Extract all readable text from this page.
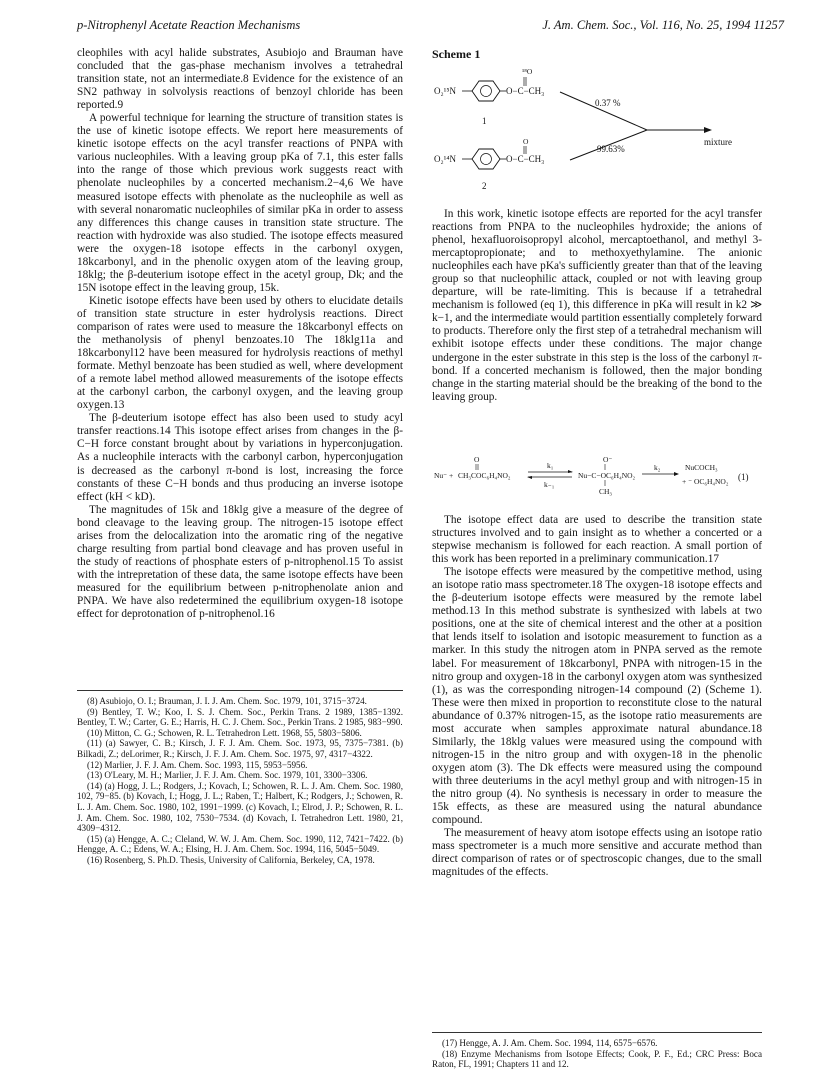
p-Nitrophenyl Acetate Reaction Mechanisms	J. Am. Chem. Soc., Vol. 116, No. 25, 1994 11257

cleophiles with acyl halide substrates, Asubiojo and Brauman have concluded that the gas-phase mechanism involves a tetrahedral transition state, not an intermediate.8 Evidence for the existence of an SN2 pathway in solvolysis reactions of benzoyl chloride has been reported.9

A powerful technique for learning the structure of transition states is the use of kinetic isotope effects. We report here measurements of kinetic isotope effects on the acyl transfer reactions of PNPA with various nucleophiles. With a leaving group pKa of 7.1, this ester falls into the range of those which previous work suggests react with phenolate nucleophiles by a concerted mechanism.2−4,6 We have measured isotope effects with phenolate as the nucleophile as well as with several nonaromatic nucleophiles of similar pKa in order to assess any differences this change causes in transition state structure. The reaction with hydroxide was also studied. The isotope effects measured were the oxygen-18 isotope effects in the carbonyl oxygen, 18kcarbonyl, and in the phenolic oxygen atom of the leaving group, 18klg; the β-deuterium isotope effect in the acetyl group, Dk; and the 15N isotope effect in the leaving group, 15k.

Kinetic isotope effects have been used by others to elucidate details of transition state structure in ester hydrolysis reactions. Direct comparison of rates were used to measure the 18kcarbonyl effects on the methanolysis of phenyl benzoates.10 The 18klg11a and 18kcarbonyl12 have been measured for hydrolysis reactions of methyl formate. Methyl benzoate has been studied as well, where development of a remote label method allowed measurements of the isotope effects at the carbonyl carbon, the carbonyl oxygen, and the leaving group oxygen.13

The β-deuterium isotope effect has also been used to study acyl transfer reactions.14 This isotope effect arises from changes in the β-C−H force constant brought about by variations in hyperconjugation. As a nucleophile interacts with the carbonyl carbon, hyperconjugation is decreased as the carbonyl π-bond is lost, increasing the force constants of these C−H bonds and thus producing an inverse isotope effect (kH < kD).

The magnitudes of 15k and 18klg give a measure of the degree of bond cleavage to the leaving group. The nitrogen-15 isotope effect arises from the delocalization into the aromatic ring of the negative charge resulting from partial bond cleavage and has proven useful in the study of reactions of phosphate esters of p-nitrophenol.15 To assist with the intrepretation of these data, the same isotope effects have been measured for the equilibrium between p-nitrophenolate anion and PNPA. We have also redetermined the equilibrium oxygen-18 isotope effect for deprotonation of p-nitrophenol.16

(8) Asubiojo, O. I.; Brauman, J. I. J. Am. Chem. Soc. 1979, 101, 3715−3724.

(9) Bentley, T. W.; Koo, I. S. J. Chem. Soc., Perkin Trans. 2 1989, 1385−1392. Bentley, T. W.; Carter, G. E.; Harris, H. C. J. Chem. Soc., Perkin Trans. 2 1985, 983−990.

(10) Mitton, C. G.; Schowen, R. L. Tetrahedron Lett. 1968, 55, 5803−5806.

(11) (a) Sawyer, C. B.; Kirsch, J. F. J. Am. Chem. Soc. 1973, 95, 7375−7381. (b) Bilkadi, Z.; deLorimer, R.; Kirsch, J. F. J. Am. Chem. Soc. 1975, 97, 4317−4322.

(12) Marlier, J. F. J. Am. Chem. Soc. 1993, 115, 5953−5956.

(13) O'Leary, M. H.; Marlier, J. F. J. Am. Chem. Soc. 1979, 101, 3300−3306.

(14) (a) Hogg, J. L.; Rodgers, J.; Kovach, I.; Schowen, R. L. J. Am. Chem. Soc. 1980, 102, 79−85. (b) Kovach, I.; Hogg, J. L.; Raben, T.; Halbert, K.; Rodgers, J.; Schowen, R. L. J. Am. Chem. Soc. 1980, 102, 1991−1999. (c) Kovach, I.; Elrod, J. P.; Schowen, R. L. J. Am. Chem. Soc. 1980, 102, 7530−7534. (d) Kovach, I. Tetrahedron Lett. 1980, 21, 4309−4312.

(15) (a) Hengge, A. C.; Cleland, W. W. J. Am. Chem. Soc. 1990, 112, 7421−7422. (b) Hengge, A. C.; Edens, W. A.; Elsing, H. J. Am. Chem. Soc. 1994, 116, 5045−5049.

(16) Rosenberg, S. Ph.D. Thesis, University of California, Berkeley, CA, 1978.

Scheme 1
¹⁸O
O₂¹⁵N	O−C−CH₃
1
O
O₂¹⁴N	O−C−CH₃
2
0.37 %
99.63%
mixture

In this work, kinetic isotope effects are reported for the acyl transfer reactions from PNPA to the nucleophiles hydroxide; the anions of phenol, hexafluoroisopropyl alcohol, mercaptoethanol, and methyl 3-mercaptopropionate; and to methoxyethylamine. The anionic nucleophiles each have pKa's sufficiently greater than that of the leaving group so that nucleophilic attack, coupled or not with leaving group departure, will be rate-limiting. This is because if a tetrahedral mechanism is followed (eq 1), this difference in pKa will result in k2 ≫ k−1, and the intermediate would partition essentially completely forward to products. Therefore only the first step of a tetrahedral mechanism will exhibit isotope effects under these conditions. The major change undergone in the ester substrate in this step is the loss of the carbonyl π-bond. If a concerted mechanism is followed, then the major bonding change in the starting material should be the breaking of the bond to the leaving group.

Nu⁻ +
O
CH₃COC₆H₄NO₂
k₁
k₋₁
O⁻
Nu−C−OC₆H₄NO₂
CH₃
k₂	NuCOCH₃
+ ⁻ OC₆H₄NO₂ (1)

The isotope effect data are used to describe the transition state structures involved and to gain insight as to whether a concerted or a stepwise mechanism is followed for each reaction. A small portion of this work has been reported in a preliminary communication.17

The isotope effects were measured by the competitive method, using an isotope ratio mass spectrometer.18 The oxygen-18 isotope effects and the β-deuterium isotope effects were measured by the remote label method.13 In this method substrate is synthesized with labels at two positions, one at the site of chemical interest and the other at a position that lends itself to isolation and isotopic measurement to function as a marker. In this study the nitrogen atom in PNPA served as the remote label. For measurement of 18kcarbonyl, PNPA with nitrogen-15 in the nitro group and oxygen-18 in the carbonyl oxygen atom was synthesized (1), as was the corresponding nitrogen-14 compound (2) (Scheme 1). These were then mixed in proportion to reconstitute close to the natural abundance of 0.37% nitrogen-15, as the isotope ratio measurements are most accurate when samples approximate natural abundance.18 Similarly, the 18klg values were measured using the compound with nitrogen-15 in the nitro group and with oxygen-18 in the phenolic oxygen atom (3). The Dk effects were measured using the compound with three deuteriums in the acyl methyl group and with nitrogen-15 in the nitro group (4). No synthesis is necessary in order to measure the 15k effects, as these are measured using the natural abundance compound.

The measurement of heavy atom isotope effects using an isotope ratio mass spectrometer is a much more sensitive and accurate method than direct comparison of rates or of spectroscopic changes, due to the small magnitudes of the effects.

(17) Hengge, A. J. Am. Chem. Soc. 1994, 114, 6575−6576.

(18) Enzyme Mechanisms from Isotope Effects; Cook, P. F., Ed.; CRC Press: Boca Raton, FL, 1991; Chapters 11 and 12.
